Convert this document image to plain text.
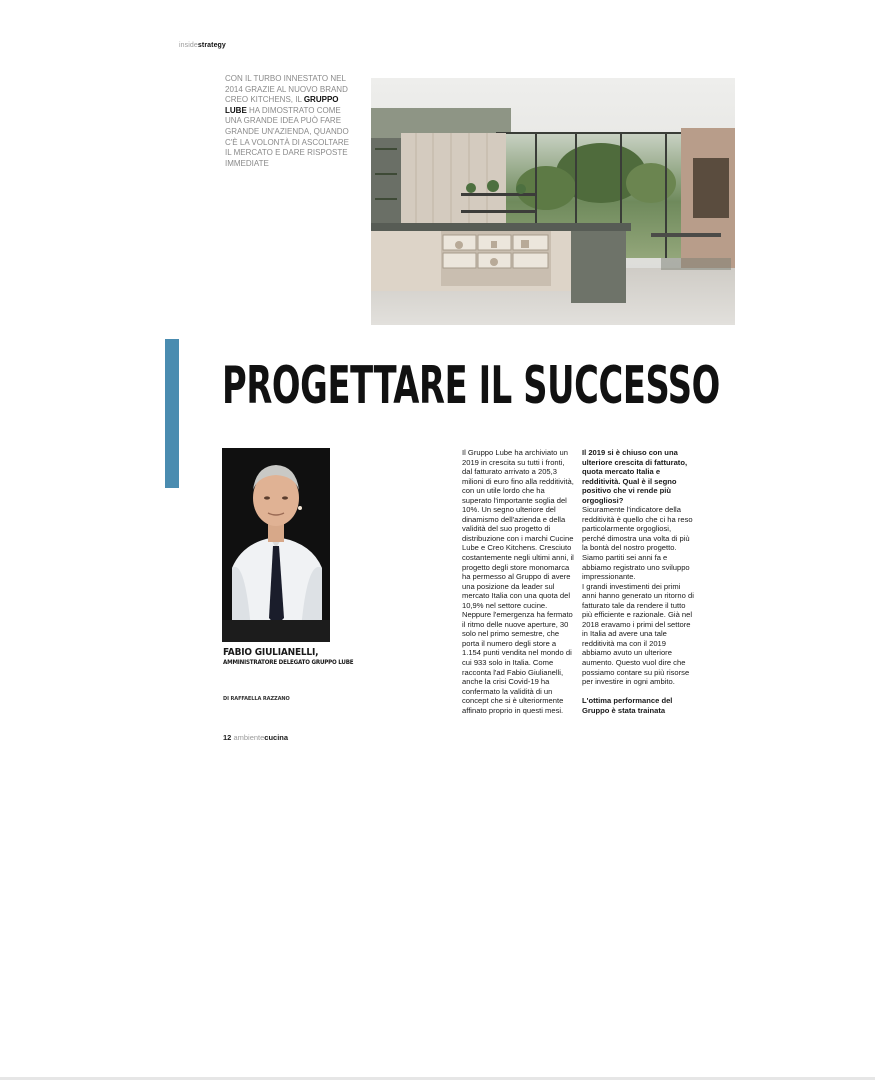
insidestrategy
CON IL TURBO INNESTATO NEL 2014 GRAZIE AL NUOVO BRAND CREO KITCHENS, IL GRUPPO LUBE HA DIMOSTRATO COME UNA GRANDE IDEA PUÒ FARE GRANDE UN'AZIENDA, QUANDO C'È LA VOLONTÀ DI ASCOLTARE IL MERCATO E DARE RISPOSTE IMMEDIATE
PROGETTARE IL SUCCESSO
FABIO GIULIANELLI,
AMMINISTRATORE DELEGATO GRUPPO LUBE
DI RAFFAELLA RAZZANO

Il Gruppo Lube ha archiviato un 2019 in crescita su tutti i fronti, dal fatturato arrivato a 205,3 milioni di euro fino alla redditività, con un utile lordo che ha superato l'importante soglia del 10%. Un segno ulteriore del dinamismo dell'azienda e della validità del suo progetto di distribuzione con i marchi Cucine Lube e Creo Kitchens. Cresciuto costantemente negli ultimi anni, il progetto degli store monomarca ha permesso al Gruppo di avere una posizione da leader sul mercato Italia con una quota del 10,9% nel settore cucine. Neppure l'emergenza ha fermato il ritmo delle nuove aperture, 30 solo nel primo semestre, che porta il numero degli store a 1.154 punti vendita nel mondo di cui 933 solo in Italia. Come racconta l'ad Fabio Giulianelli, anche la crisi Covid-19 ha confermato la validità di un concept che si è ulteriormente affinato proprio in questi mesi.

Il 2019 si è chiuso con una ulteriore crescita di fatturato, quota mercato Italia e redditività. Qual è il segno positivo che vi rende più orgogliosi?

Sicuramente l'indicatore della redditività è quello che ci ha reso particolarmente orgogliosi, perché dimostra una volta di più la bontà del nostro progetto. Siamo partiti sei anni fa e abbiamo registrato uno sviluppo impressionante.

I grandi investimenti dei primi anni hanno generato un ritorno di fatturato tale da rendere il tutto più efficiente e razionale. Già nel 2018 eravamo i primi del settore in Italia ad avere una tale redditività ma con il 2019 abbiamo avuto un ulteriore aumento. Questo vuol dire che possiamo contare su più risorse per investire in ogni ambito.

L'ottima performance del Gruppo è stata trainata

12 ambientecucina
